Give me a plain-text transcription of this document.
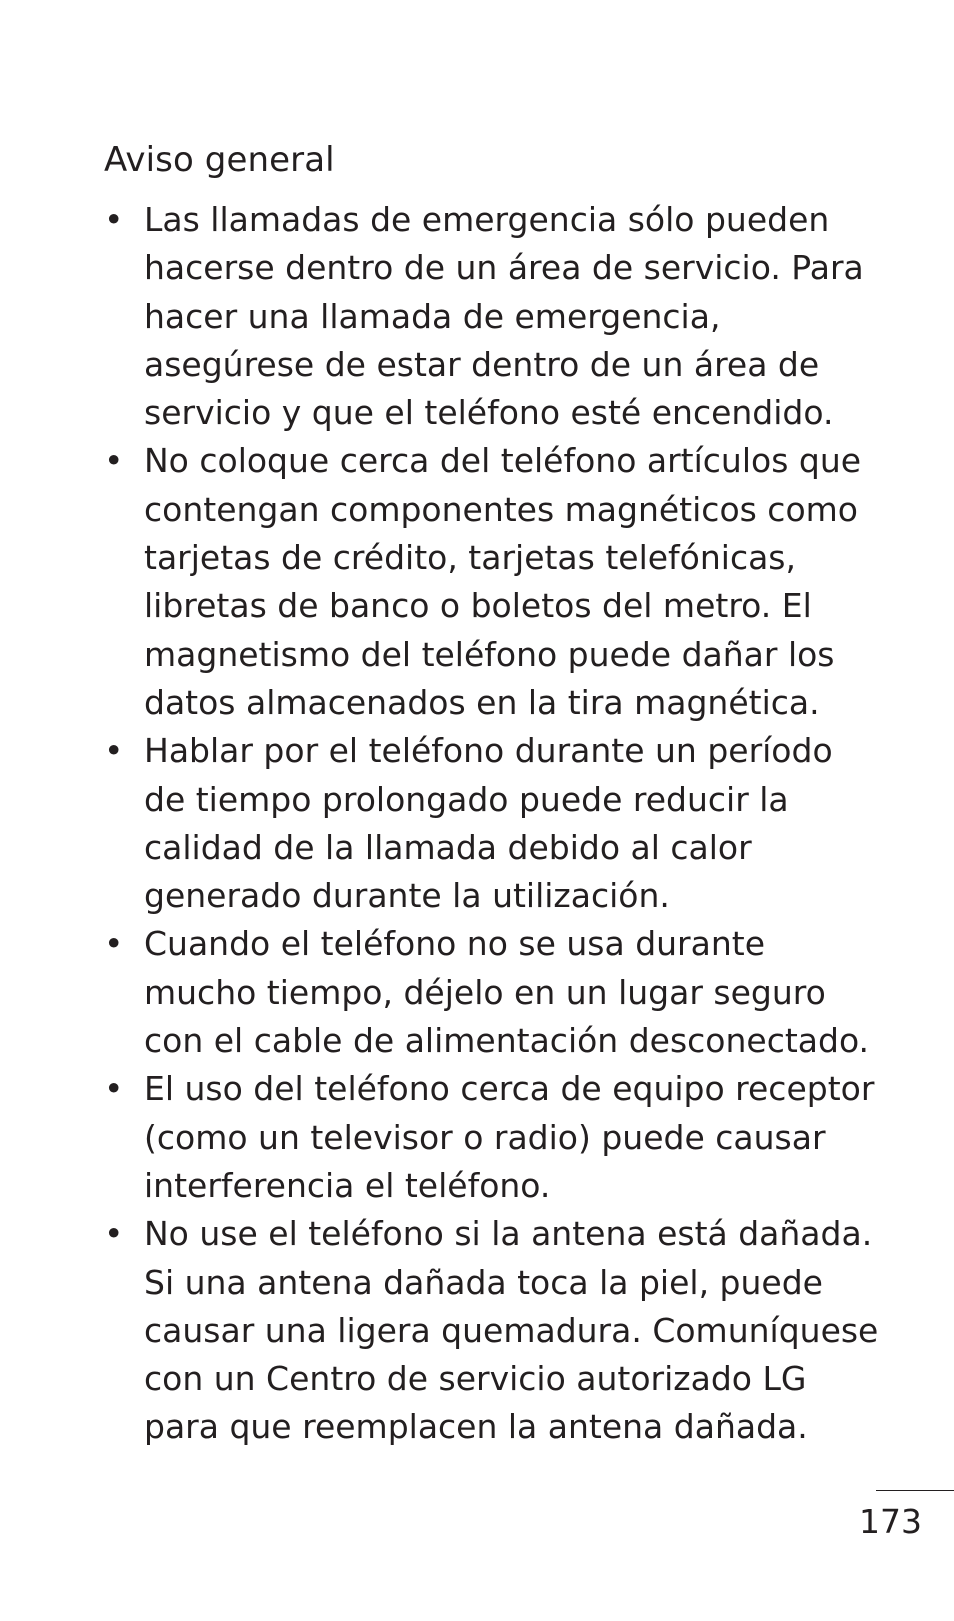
Aviso general
• Las llamadas de emergencia sólo pueden hacerse dentro de un área de servicio. Para hacer una llamada de emergencia, asegúrese de estar dentro de un área de servicio y que el teléfono esté encendido.
• No coloque cerca del teléfono artículos que contengan componentes magnéticos como tarjetas de crédito, tarjetas telefónicas, libretas de banco o boletos del metro. El magnetismo del teléfono puede dañar los datos almacenados en la tira magnética.
• Hablar por el teléfono durante un período de tiempo prolongado puede reducir la calidad de la llamada debido al calor generado durante la utilización.
• Cuando el teléfono no se usa durante mucho tiempo, déjelo en un lugar seguro con el cable de alimentación desconectado.
• El uso del teléfono cerca de equipo receptor (como un televisor o radio) puede causar interferencia el teléfono.
• No use el teléfono si la antena está dañada. Si una antena dañada toca la piel, puede causar una ligera quemadura. Comuníquese con un Centro de servicio autorizado LG para que reemplacen la antena dañada.
173
